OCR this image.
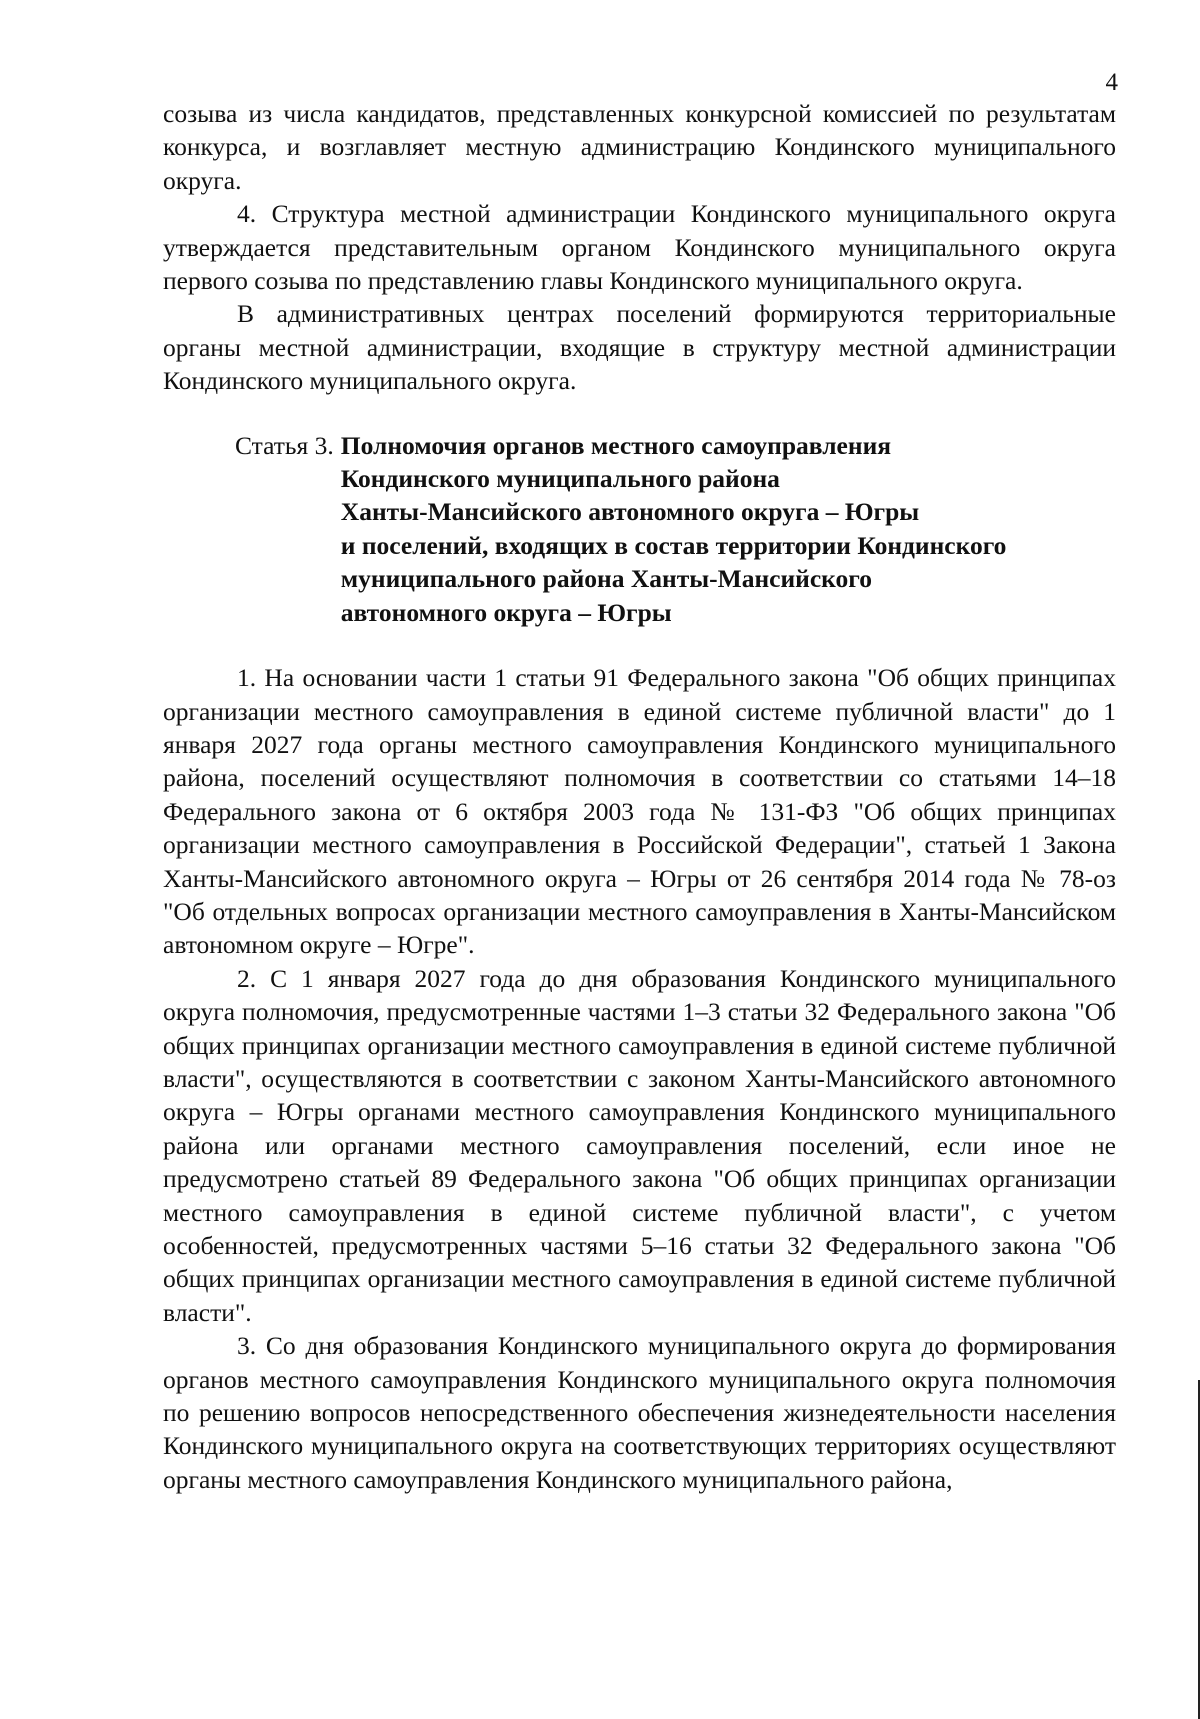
4

созыва из числа кандидатов, представленных конкурсной комиссией по результатам конкурса, и возглавляет местную администрацию Кондинского муниципального округа.

4. Структура местной администрации Кондинского муниципального округа утверждается представительным органом Кондинского муниципального округа первого созыва по представлению главы Кондинского муниципального округа.

В административных центрах поселений формируются территориальные органы местной администрации, входящие в структуру местной администрации Кондинского муниципального округа.

Статья 3. Полномочия органов местного самоуправления
Кондинского муниципального района
Ханты-Мансийского автономного округа – Югры
и поселений, входящих в состав территории Кондинского
муниципального района Ханты-Мансийского
автономного округа – Югры

1. На основании части 1 статьи 91 Федерального закона "Об общих принципах организации местного самоуправления в единой системе публичной власти" до 1 января 2027 года органы местного самоуправления Кондинского муниципального района, поселений осуществляют полномочия в соответствии со статьями 14–18 Федерального закона от 6 октября 2003 года № 131-ФЗ "Об общих принципах организации местного самоуправления в Российской Федерации", статьей 1 Закона Ханты-Мансийского автономного округа – Югры от 26 сентября 2014 года № 78-оз "Об отдельных вопросах организации местного самоуправления в Ханты-Мансийском автономном округе – Югре".

2. С 1 января 2027 года до дня образования Кондинского муниципального округа полномочия, предусмотренные частями 1–3 статьи 32 Федерального закона "Об общих принципах организации местного самоуправления в единой системе публичной власти", осуществляются в соответствии с законом Ханты-Мансийского автономного округа – Югры органами местного самоуправления Кондинского муниципального района или органами местного самоуправления поселений, если иное не предусмотрено статьей 89 Федерального закона "Об общих принципах организации местного самоуправления в единой системе публичной власти", с учетом особенностей, предусмотренных частями 5–16 статьи 32 Федерального закона "Об общих принципах организации местного самоуправления в единой системе публичной власти".

3. Со дня образования Кондинского муниципального округа до формирования органов местного самоуправления Кондинского муниципального округа полномочия по решению вопросов непосредственного обеспечения жизнедеятельности населения Кондинского муниципального округа на соответствующих территориях осуществляют органы местного самоуправления Кондинского муниципального района,
